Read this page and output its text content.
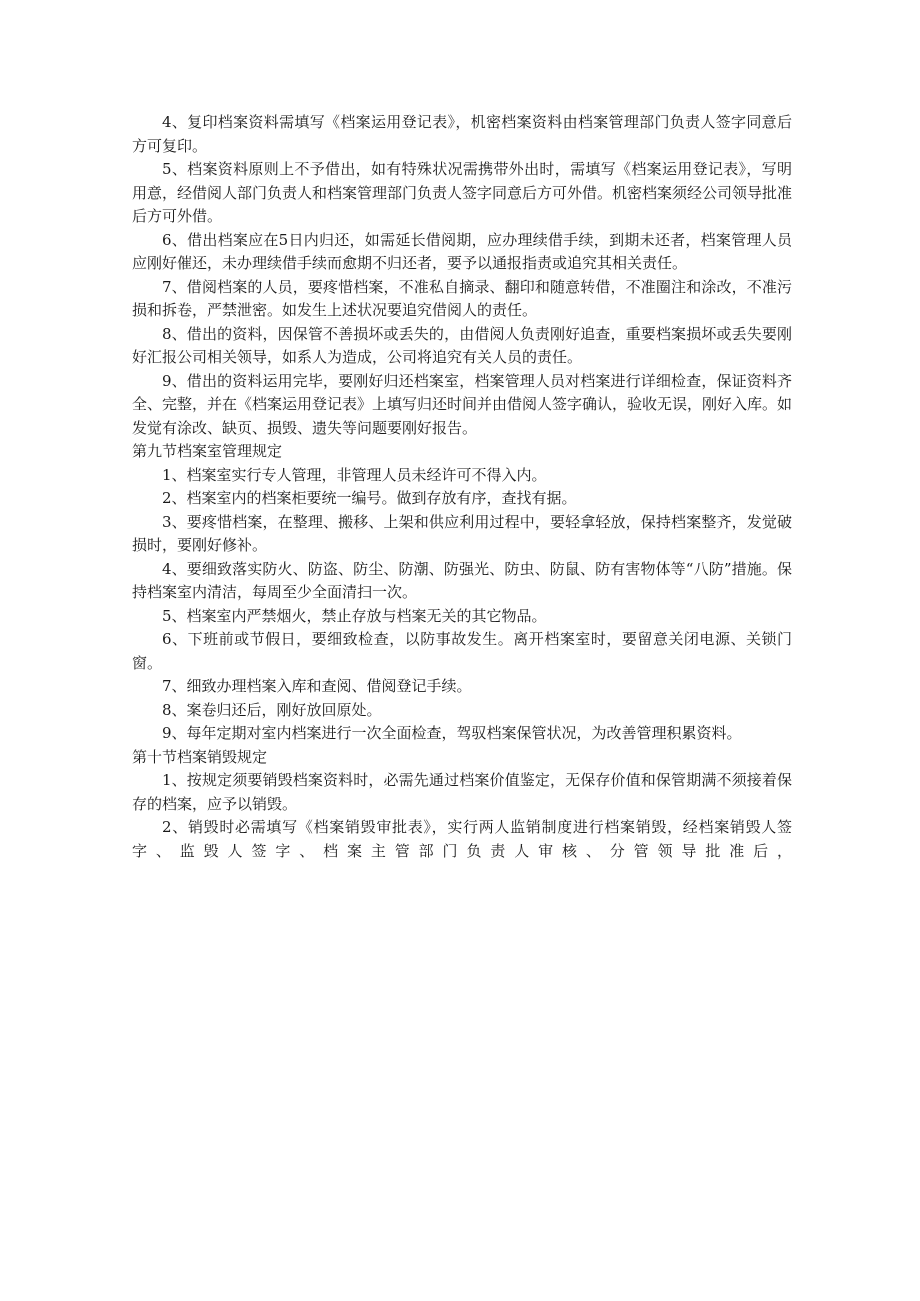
4、复印档案资料需填写《档案运用登记表》，机密档案资料由档案管理部门负责人签字同意后方可复印。

5、档案资料原则上不予借出，如有特殊状况需携带外出时，需填写《档案运用登记表》，写明用意，经借阅人部门负责人和档案管理部门负责人签字同意后方可外借。机密档案须经公司领导批准后方可外借。

6、借出档案应在5日内归还，如需延长借阅期，应办理续借手续，到期未还者，档案管理人员应刚好催还，未办理续借手续而愈期不归还者，要予以通报指责或追究其相关责任。

7、借阅档案的人员，要疼惜档案，不准私自摘录、翻印和随意转借，不准圈注和涂改，不准污损和拆卷，严禁泄密。如发生上述状况要追究借阅人的责任。

8、借出的资料，因保管不善损坏或丢失的，由借阅人负责刚好追查，重要档案损坏或丢失要刚好汇报公司相关领导，如系人为造成，公司将追究有关人员的责任。

9、借出的资料运用完毕，要刚好归还档案室，档案管理人员对档案进行详细检查，保证资料齐全、完整，并在《档案运用登记表》上填写归还时间并由借阅人签字确认，验收无误，刚好入库。如发觉有涂改、缺页、损毁、遗失等问题要刚好报告。

第九节档案室管理规定

1、档案室实行专人管理，非管理人员未经许可不得入内。

2、档案室内的档案柜要统一编号。做到存放有序，查找有据。

3、要疼惜档案，在整理、搬移、上架和供应利用过程中，要轻拿轻放，保持档案整齐，发觉破损时，要刚好修补。

4、要细致落实防火、防盗、防尘、防潮、防强光、防虫、防鼠、防有害物体等“八防”措施。保持档案室内清洁，每周至少全面清扫一次。

5、档案室内严禁烟火，禁止存放与档案无关的其它物品。

6、下班前或节假日，要细致检查，以防事故发生。离开档案室时，要留意关闭电源、关锁门窗。

7、细致办理档案入库和查阅、借阅登记手续。

8、案卷归还后，刚好放回原处。

9、每年定期对室内档案进行一次全面检查，驾驭档案保管状况，为改善管理积累资料。

第十节档案销毁规定

1、按规定须要销毁档案资料时，必需先通过档案价值鉴定，无保存价值和保管期满不须接着保存的档案，应予以销毁。

2、销毁时必需填写《档案销毁审批表》，实行两人监销制度进行档案销毁，经档案销毁人签字、监毁人签字、档案主管部门负责人审核、分管领导批准后，
